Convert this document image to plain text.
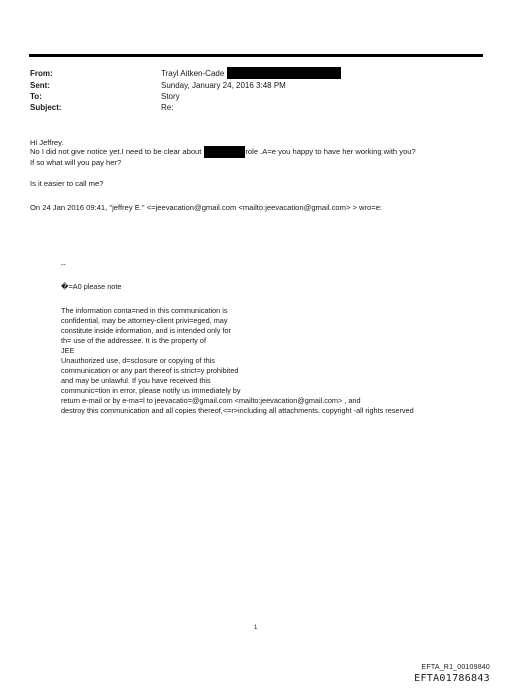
From:	Trayl Aitken-Cade
Sent:	Sunday, January 24, 2016 3:48 PM
To:	Story
Subject:	Re:
Hi Jeffrey.
No I did not give notice yet.I need to be clear about	role .A=e you happy to have her working with you?
If so what will you pay her?
Is it easier to call me?
On 24 Jan 2016 09:41, "jeffrey E." <=jeevacation@gmail.com <mailto:jeevacation@gmail.com> > wro=e:
--
�=A0 please note
The information conta=ned in this communication is
confidential, may be attorney-client privi=eged, may
constitute inside information, and is intended only for
th= use of the addressee. It is the property of
JEE
Unauthorized use, d=sclosure or copying of this
communication or any part thereof is strict=y prohibited
and may be unlawful. If you have received this
communic=tion in error, please notify us immediately by
return e-mail or by e-ma=l to jeevacatio=@gmail.com <mailto:jeevacation@gmail.com> , and
destroy this communication and all copies thereof,<=r>including all attachments. copyright -all rights reserved
1
EFTA_R1_00109840
EFTA01786843
